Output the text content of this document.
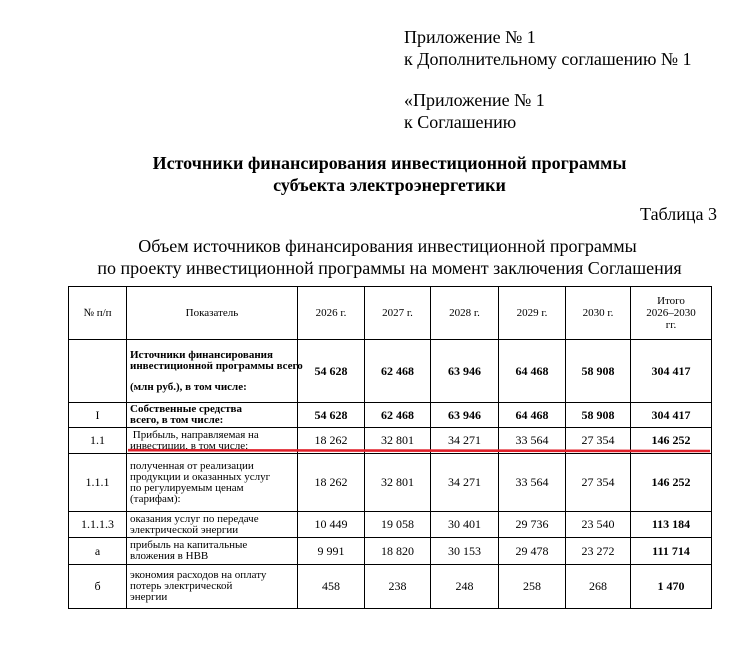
Приложение № 1
к Дополнительному соглашению № 1
«Приложение № 1
к Соглашению
Источники финансирования инвестиционной программы
субъекта электроэнергетики
Таблица 3
Объем источников финансирования инвестиционной программы
по проекту инвестиционной программы на момент заключения Соглашения
№ п/п	Показатель	2026 г.	2027 г.	2028 г.	2029 г.	2030 г.	Итого
2026–2030
гг.

	Источники финансирования
инвестиционной программы всего
(млн руб.), в том числе:	54 628	62 468	63 946	64 468	58 908	304 417
I	Собственные средства
всего, в том числе:	54 628	62 468	63 946	64 468	58 908	304 417
1.1	Прибыль, направляемая на
инвестиции, в том числе:	18 262	32 801	34 271	33 564	27 354	146 252
1.1.1	полученная от реализации
продукции и оказанных услуг
по регулируемым ценам
(тарифам):	18 262	32 801	34 271	33 564	27 354	146 252
1.1.1.3	оказания услуг по передаче
электрической энергии	10 449	19 058	30 401	29 736	23 540	113 184
а	прибыль на капитальные
вложения в НВВ	9 991	18 820	30 153	29 478	23 272	111 714
б	экономия расходов на оплату
потерь электрической
энергии	458	238	248	258	268	1 470
